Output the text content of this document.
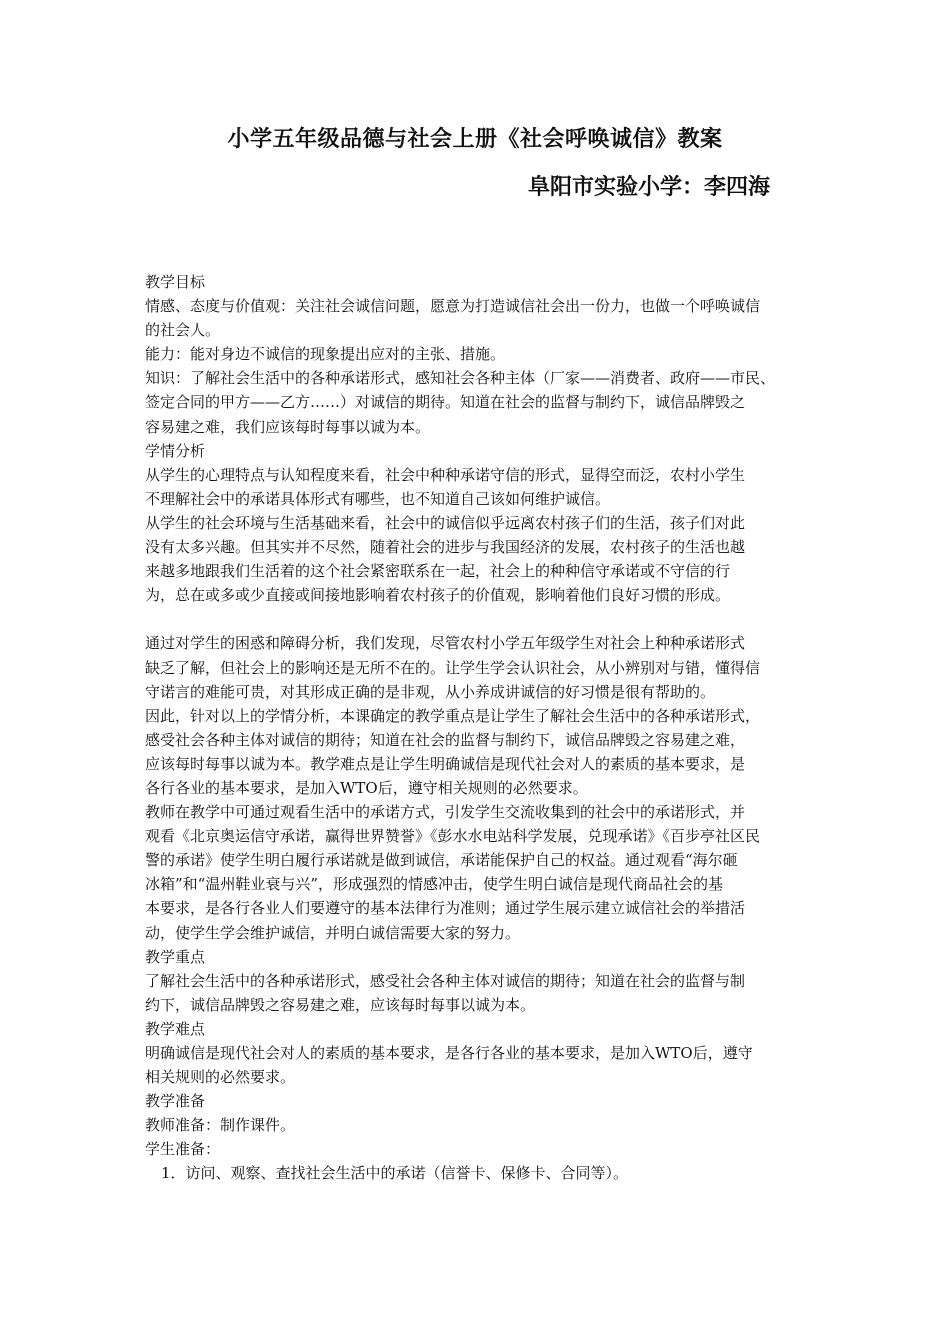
小学五年级品德与社会上册《社会呼唤诚信》教案
阜阳市实验小学：李四海
教学目标
情感、态度与价值观：关注社会诚信问题，愿意为打造诚信社会出一份力，也做一个呼唤诚信
的社会人。
能力：能对身边不诚信的现象提出应对的主张、措施。
知识：了解社会生活中的各种承诺形式，感知社会各种主体（厂家——消费者、政府——市民、
签定合同的甲方——乙方……）对诚信的期待。知道在社会的监督与制约下，诚信品牌毁之
容易建之难，我们应该每时每事以诚为本。
学情分析
从学生的心理特点与认知程度来看，社会中种种承诺守信的形式，显得空而泛，农村小学生
不理解社会中的承诺具体形式有哪些，也不知道自己该如何维护诚信。
从学生的社会环境与生活基础来看，社会中的诚信似乎远离农村孩子们的生活，孩子们对此
没有太多兴趣。但其实并不尽然，随着社会的进步与我国经济的发展，农村孩子的生活也越
来越多地跟我们生活着的这个社会紧密联系在一起，社会上的种种信守承诺或不守信的行
为，总在或多或少直接或间接地影响着农村孩子的价值观，影响着他们良好习惯的形成。
通过对学生的困惑和障碍分析，我们发现，尽管农村小学五年级学生对社会上种种承诺形式
缺乏了解，但社会上的影响还是无所不在的。让学生学会认识社会，从小辨别对与错，懂得信
守诺言的难能可贵，对其形成正确的是非观，从小养成讲诚信的好习惯是很有帮助的。
因此，针对以上的学情分析，本课确定的教学重点是让学生了解社会生活中的各种承诺形式，
感受社会各种主体对诚信的期待；知道在社会的监督与制约下，诚信品牌毁之容易建之难，
应该每时每事以诚为本。教学难点是让学生明确诚信是现代社会对人的素质的基本要求，是
各行各业的基本要求，是加入WTO后，遵守相关规则的必然要求。
教师在教学中可通过观看生活中的承诺方式，引发学生交流收集到的社会中的承诺形式，并
观看《北京奥运信守承诺，赢得世界赞誉》《彭水水电站科学发展，兑现承诺》《百步亭社区民
警的承诺》使学生明白履行承诺就是做到诚信，承诺能保护自己的权益。通过观看“海尔砸
冰箱”和“温州鞋业衰与兴”，形成强烈的情感冲击，使学生明白诚信是现代商品社会的基
本要求，是各行各业人们要遵守的基本法律行为准则；通过学生展示建立诚信社会的举措活
动，使学生学会维护诚信，并明白诚信需要大家的努力。
教学重点
了解社会生活中的各种承诺形式，感受社会各种主体对诚信的期待；知道在社会的监督与制
约下，诚信品牌毁之容易建之难，应该每时每事以诚为本。
教学难点
明确诚信是现代社会对人的素质的基本要求，是各行各业的基本要求，是加入WTO后，遵守
相关规则的必然要求。
教学准备
教师准备：制作课件。
学生准备：
1．访问、观察、查找社会生活中的承诺（信誉卡、保修卡、合同等）。
